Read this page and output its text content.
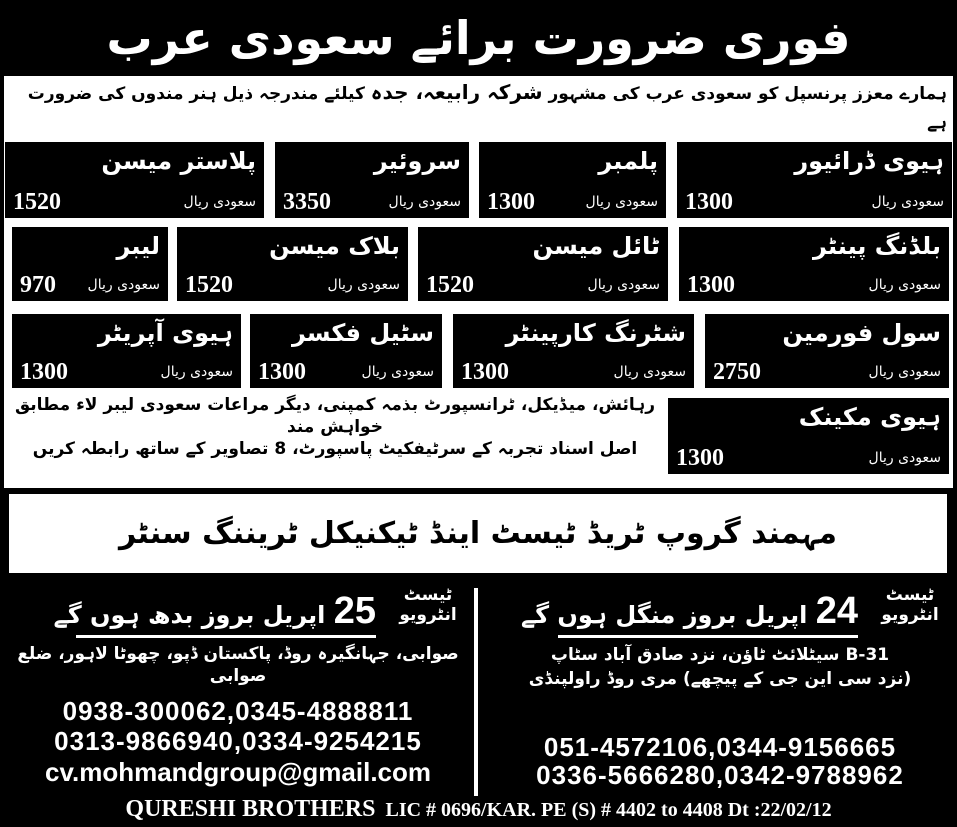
فوری ضرورت برائے سعودی عرب
ہمارے معزز پرنسپل کو سعودی عرب کی مشہور شرکہ رابیعہ، جدہ کیلئے مندرجہ ذیل ہنر مندوں کی ضرورت ہے
ہیوی ڈرائیور
سعودی ریال
1300
پلمبر
سعودی ریال
1300
سروئیر
سعودی ریال
3350
پلاستر میسن
سعودی ریال
1520
بلڈنگ پینٹر
سعودی ریال
1300
ٹائل میسن
سعودی ریال
1520
بلاک میسن
سعودی ریال
1520
لیبر
سعودی ریال
970
سول فورمین
سعودی ریال
2750
شٹرنگ کارپینٹر
سعودی ریال
1300
سٹیل فکسر
سعودی ریال
1300
ہیوی آپریٹر
سعودی ریال
1300
ہیوی مکینک
سعودی ریال
1300
رہائش، میڈیکل، ٹرانسپورٹ بذمہ کمپنی، دیگر مراعات سعودی لیبر لاء مطابق خواہش مند
اصل اسناد تجربہ کے سرٹیفکیٹ پاسپورٹ، 8 تصاویر کے ساتھ رابطہ کریں
مہمند گروپ ٹریڈ ٹیسٹ اینڈ ٹیکنیکل ٹریننگ سنٹر
ٹیسٹ
انٹرویو
24 اپریل بروز منگل ہوں گے
B-31 سیٹلائٹ ٹاؤن، نزد صادق آباد سٹاپ
(نزد سی این جی کے پیچھے) مری روڈ راولپنڈی
051-4572106,0344-9156665
0336-5666280,0342-9788962
ٹیسٹ
انٹرویو
25 اپریل بروز بدھ ہوں گے
صوابی، جہانگیرہ روڈ، پاکستان ڈپو، چھوٹا لاہور، ضلع صوابی
0938-300062,0345-4888811
0313-9866940,0334-9254215
cv.mohmandgroup@gmail.com
QURESHI BROTHERS LIC # 0696/KAR. PE (S) # 4402 to 4408 Dt :22/02/12
